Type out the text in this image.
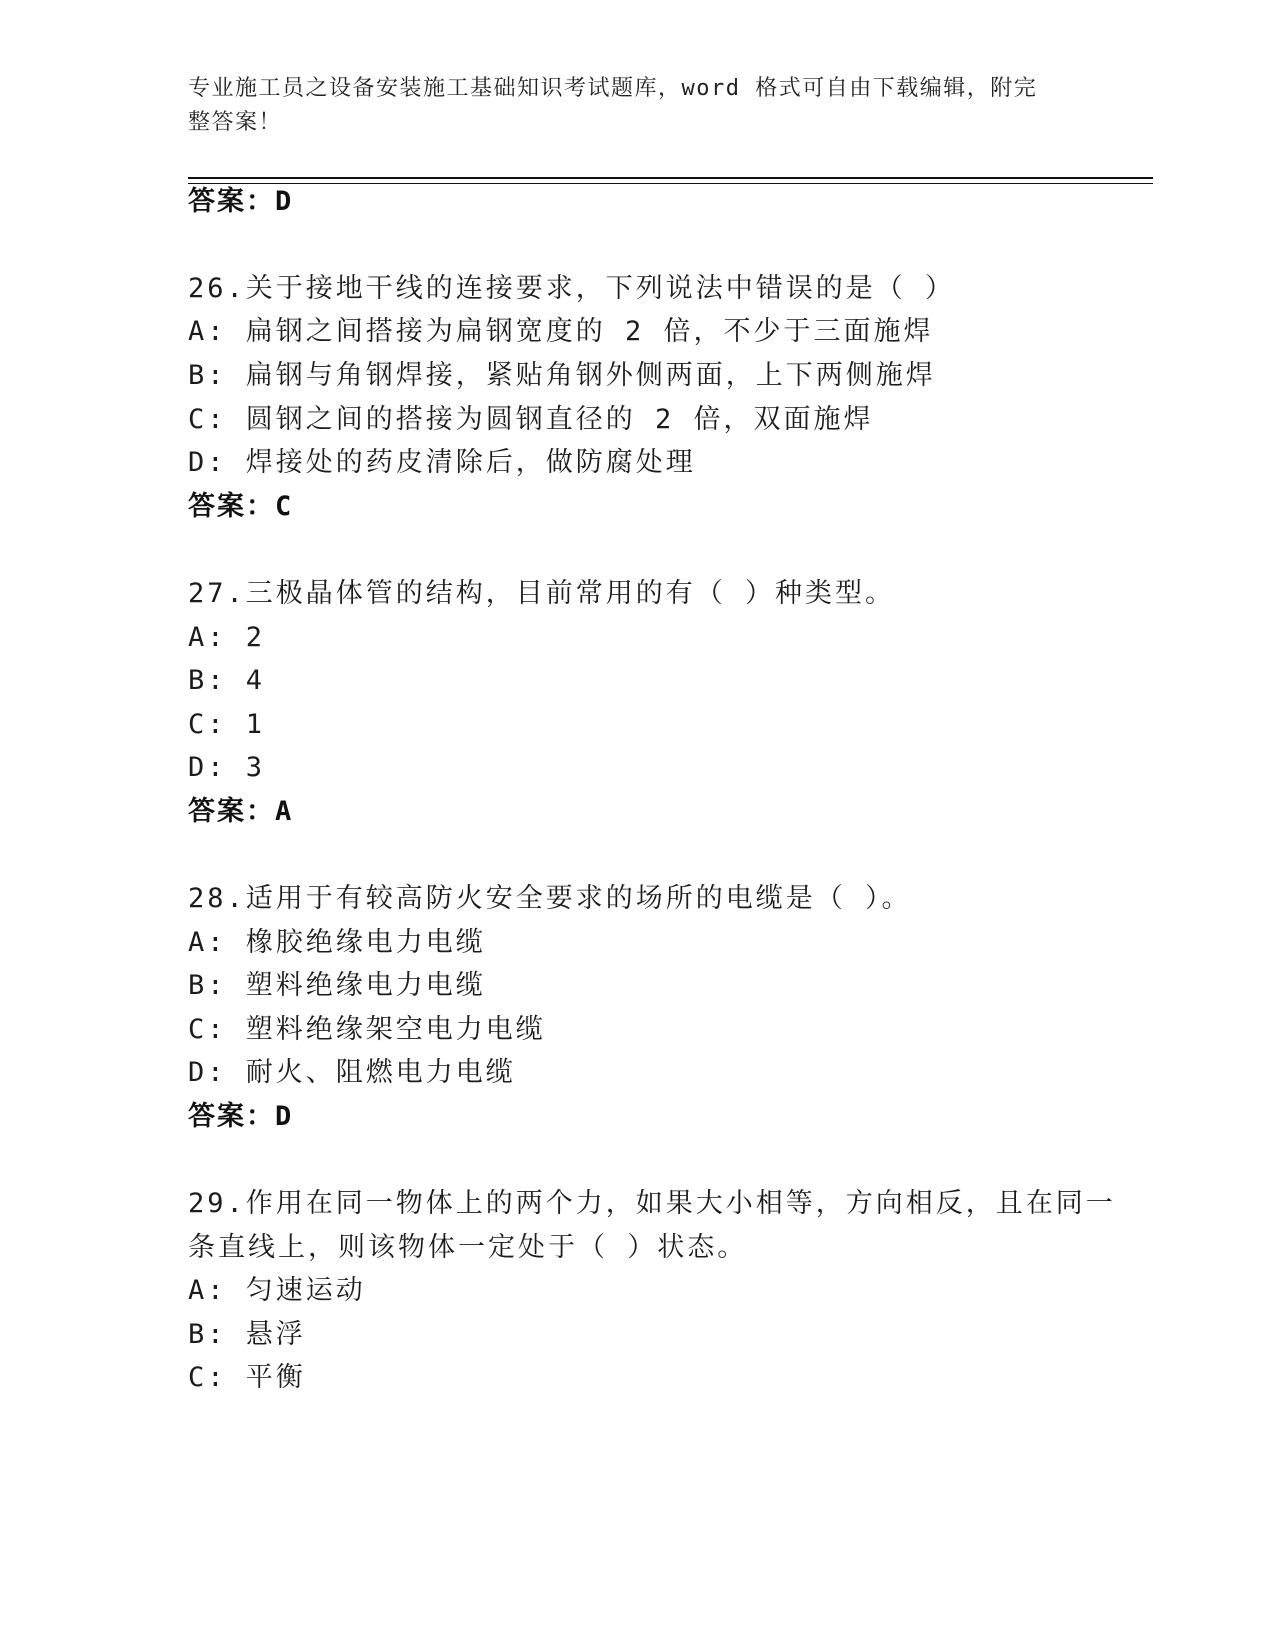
专业施工员之设备安装施工基础知识考试题库，word 格式可自由下载编辑，附完
整答案！
答案：D
26.关于接地干线的连接要求，下列说法中错误的是（ ）
A: 扁钢之间搭接为扁钢宽度的 2 倍，不少于三面施焊
B: 扁钢与角钢焊接，紧贴角钢外侧两面，上下两侧施焊
C: 圆钢之间的搭接为圆钢直径的 2 倍，双面施焊
D: 焊接处的药皮清除后，做防腐处理
答案：C
27.三极晶体管的结构，目前常用的有（ ）种类型。
A: 2
B: 4
C: 1
D: 3
答案：A
28.适用于有较高防火安全要求的场所的电缆是（ ）。
A: 橡胶绝缘电力电缆
B: 塑料绝缘电力电缆
C: 塑料绝缘架空电力电缆
D: 耐火、阻燃电力电缆
答案：D
29.作用在同一物体上的两个力，如果大小相等，方向相反，且在同一
条直线上，则该物体一定处于（ ）状态。
A: 匀速运动
B: 悬浮
C: 平衡
